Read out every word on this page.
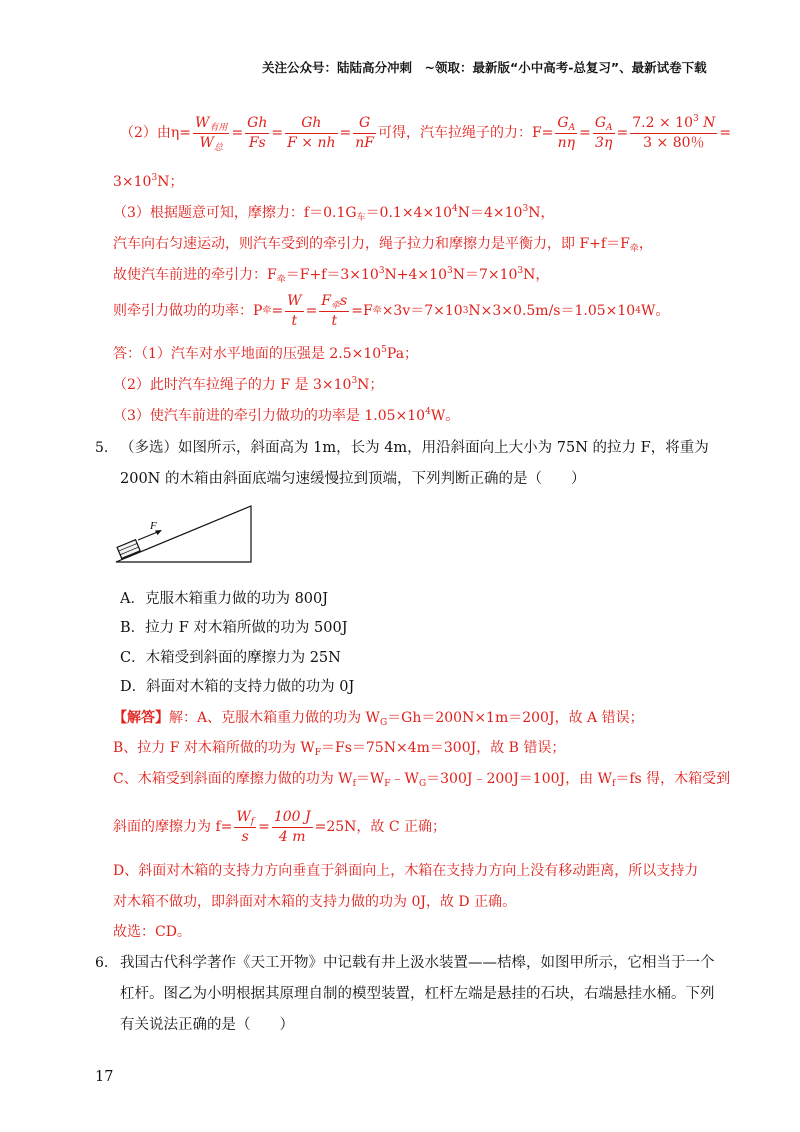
关注公众号：陆陆高分冲刺　~领取：最新版“小中高考-总复习”、最新试卷下载
（2）由$\eta= \frac{W_{有用}}{W_总} = \frac{Gh}{Fs} = \frac{Gh}{F \times nh} = \frac{G}{nF}$ 可得，汽车拉绳子的力：$F= \frac{G_A}{n\eta} = \frac{G_A}{3\eta} = \frac{7.2 \times 10^3 N}{3 \times 80\%}$ =
$3\times 10^3N$；
（3）根据题意可知，摩擦力：$f=0.1G_车=0.1\times 4\times 10^4N=4\times 10^3N$，
汽车向右匀速运动，则汽车受到的牵引力，绳子拉力和摩擦力是平衡力，即 $F+f=F_牵$，
故使汽车前进的牵引力：$F_牵=F+f=3\times 10^3N+4\times 10^3N=7\times 10^3N$，
则牵引力做功的功率：P 牵 = $\frac{W}{t} = \frac{F_牵s}{t} =F$ 牵 ×3v＝7×10 3 N×3×0.5m/s＝1.05×10 4 W。
答：（1）汽车对水平地面的压强是 $2.5\times 10^5Pa$；
（2）此时汽车拉绳子的力 F 是 $3\times 10^3N$；
（3）使汽车前进的牵引力做功的功率是 $1.05\times 10^4W$。
5. （多选）如图所示，斜面高为 1m，长为 4m，用沿斜面向上大小为 75N 的拉力 F，将重为
200N 的木箱由斜面底端匀速缓慢拉到顶端，下列判断正确的是（　　）
F
A．克服木箱重力做的功为 800J
B．拉力 F 对木箱所做的功为 500J
C．木箱受到斜面的摩擦力为 25N
D．斜面对木箱的支持力做的功为 0J
【解答】解：A、克服木箱重力做的功为 $W_G=Gh=200N\times 1m=200J$，故 A 错误；
B、拉力 F 对木箱所做的功为 $W_F=Fs=75N\times 4m=300J$，故 B 错误；
C、木箱受到斜面的摩擦力做的功为 $W_f=W_F﹣W_G=300J﹣200J=100J$，由 $W_f=fs$ 得，木箱受到
斜面的摩擦力为 $f= \frac{W_f}{s} = \frac{100 J}{4 m} =25N$，故 C 正确；
D、斜面对木箱的支持力方向垂直于斜面向上，木箱在支持力方向上没有移动距离，所以支持力
对木箱不做功，即斜面对木箱的支持力做的功为 0J，故 D 正确。
故选：CD。
6. 我国古代科学著作《天工开物》中记载有井上汲水装置——桔槔，如图甲所示，它相当于一个
杠杆。图乙为小明根据其原理自制的模型装置，杠杆左端是悬挂的石块，右端悬挂水桶。下列
有关说法正确的是（　　）
17
